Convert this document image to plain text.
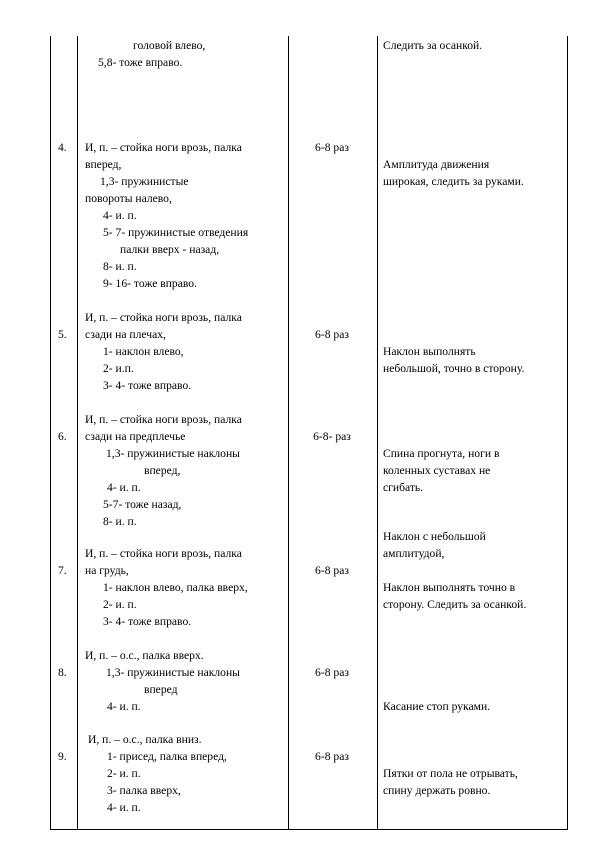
головой влево,
5,8- тоже вправо.
Следить за осанкой.
4. И, п. – стойка ноги врозь, палка
вперед,
1,3- пружинистые
повороты налево,
4- и. п.
5- 7- пружинистые отведения
палки вверх - назад,
8- и. п.
9- 16- тоже вправо.
6-8 раз
Амплитуда движения
широкая, следить за руками.
5.
И, п. – стойка ноги врозь, палка
сзади на плечах,
1- наклон влево,
2- и.п.
3- 4- тоже вправо.
6-8 раз
Наклон выполнять
небольшой, точно в сторону.
6.
И, п. – стойка ноги врозь, палка
сзади на предплечье
1,3- пружинистые наклоны
вперед,
4- и. п.
5-7- тоже назад,
8- и. п.
6-8- раз
Спина прогнута, ноги в
коленных суставах не
сгибать.
7.
И, п. – стойка ноги врозь, палка
на грудь,
1- наклон влево, палка вверх,
2- и. п.
3- 4- тоже вправо.
6-8 раз
Наклон с небольшой
амплитудой,
Наклон выполнять точно в
сторону. Следить за осанкой.
8.
И, п. – о.с., палка вверх.
1,3- пружинистые наклоны
вперед
4- и. п.
6-8 раз
Касание стоп руками.
9.
И, п. – о.с., палка вниз.
1- присед, палка вперед,
2- и. п.
3- палка вверх,
4- и. п.
6-8 раз
Пятки от пола не отрывать,
спину держать ровно.
